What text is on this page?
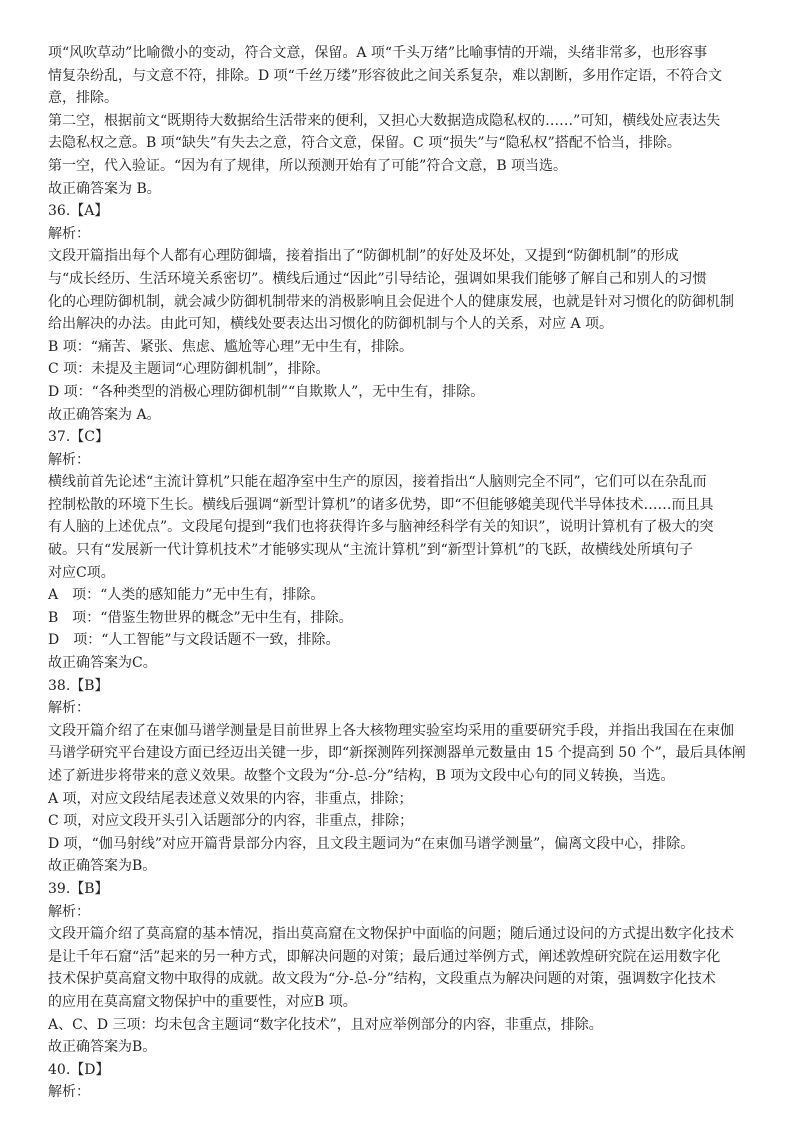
项“风吹草动”比喻微小的变动，符合文意，保留。A 项“千头万绪”比喻事情的开端，头绪非常多，也形容事

情复杂纷乱，与文意不符，排除。D 项“千丝万缕”形容彼此之间关系复杂，难以割断，多用作定语，不符合文

意，排除。

第二空，根据前文“既期待大数据给生活带来的便利，又担心大数据造成隐私权的……”可知，横线处应表达失

去隐私权之意。B 项“缺失”有失去之意，符合文意，保留。C 项“损失”与“隐私权”搭配不恰当，排除。

第一空，代入验证。“因为有了规律，所以预测开始有了可能”符合文意，B 项当选。

故正确答案为 B。

36.【A】

解析：

文段开篇指出每个人都有心理防御墙，接着指出了“防御机制”的好处及坏处，又提到“防御机制”的形成

与“成长经历、生活环境关系密切”。横线后通过“因此”引导结论，强调如果我们能够了解自己和别人的习惯

化的心理防御机制，就会减少防御机制带来的消极影响且会促进个人的健康发展，也就是针对习惯化的防御机制

给出解决的办法。由此可知，横线处要表达出习惯化的防御机制与个人的关系，对应 A 项。

B 项：“痛苦、紧张、焦虑、尴尬等心理”无中生有，排除。

C 项：未提及主题词“心理防御机制”，排除。

D 项：“各种类型的消极心理防御机制”“自欺欺人”，无中生有，排除。

故正确答案为 A。

37.【C】

解析：

横线前首先论述“主流计算机”只能在超净室中生产的原因，接着指出“人脑则完全不同”，它们可以在杂乱而

控制松散的环境下生长。横线后强调“新型计算机”的诸多优势，即“不但能够媲美现代半导体技术……而且具

有人脑的上述优点”。文段尾句提到“我们也将获得许多与脑神经科学有关的知识”，说明计算机有了极大的突

破。只有“发展新一代计算机技术”才能够实现从“主流计算机”到“新型计算机”的飞跃，故横线处所填句子

对应C项。

A　项：“人类的感知能力”无中生有，排除。

B　项：“借鉴生物世界的概念”无中生有，排除。

D　项：“人工智能”与文段话题不一致，排除。

故正确答案为C。

38.【B】

解析：

文段开篇介绍了在束伽马谱学测量是目前世界上各大核物理实验室均采用的重要研究手段，并指出我国在在束伽

马谱学研究平台建设方面已经迈出关键一步，即“新探测阵列探测器单元数量由 15 个提高到 50 个”，最后具体阐

述了新进步将带来的意义效果。故整个文段为“分-总-分”结构，B 项为文段中心句的同义转换，当选。

A 项，对应文段结尾表述意义效果的内容，非重点，排除；

C 项，对应文段开头引入话题部分的内容，非重点，排除；

D 项，“伽马射线”对应开篇背景部分内容，且文段主题词为“在束伽马谱学测量”，偏离文段中心，排除。

故正确答案为B。

39.【B】

解析：

文段开篇介绍了莫高窟的基本情况，指出莫高窟在文物保护中面临的问题；随后通过设问的方式提出数字化技术

是让千年石窟“活”起来的另一种方式，即解决问题的对策；最后通过举例方式，阐述敦煌研究院在运用数字化

技术保护莫高窟文物中取得的成就。故文段为“分-总-分”结构，文段重点为解决问题的对策，强调数字化技术

的应用在莫高窟文物保护中的重要性，对应B 项。

A、C、D 三项：均未包含主题词“数字化技术”，且对应举例部分的内容，非重点，排除。

故正确答案为B。

40.【D】

解析：
